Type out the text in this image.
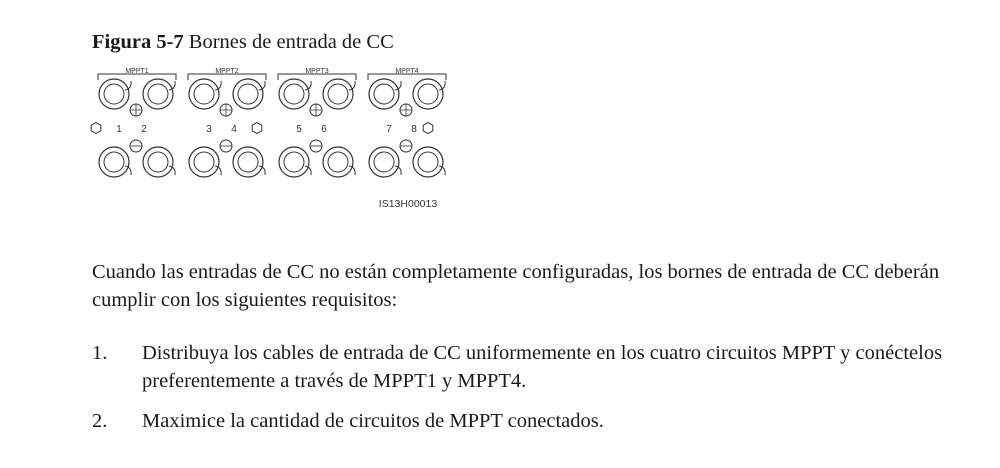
Figura 5-7 Bornes de entrada de CC
MPPT1
1 2
MPPT2
3 4
MPPT3
5 6
MPPT4
7 8
IS13H00013

Cuando las entradas de CC no están completamente configuradas, los bornes de entrada de CC deberán cumplir con los siguientes requisitos:

1. Distribuya los cables de entrada de CC uniformemente en los cuatro circuitos MPPT y conéctelos preferentemente a través de MPPT1 y MPPT4.
2. Maximice la cantidad de circuitos de MPPT conectados.
